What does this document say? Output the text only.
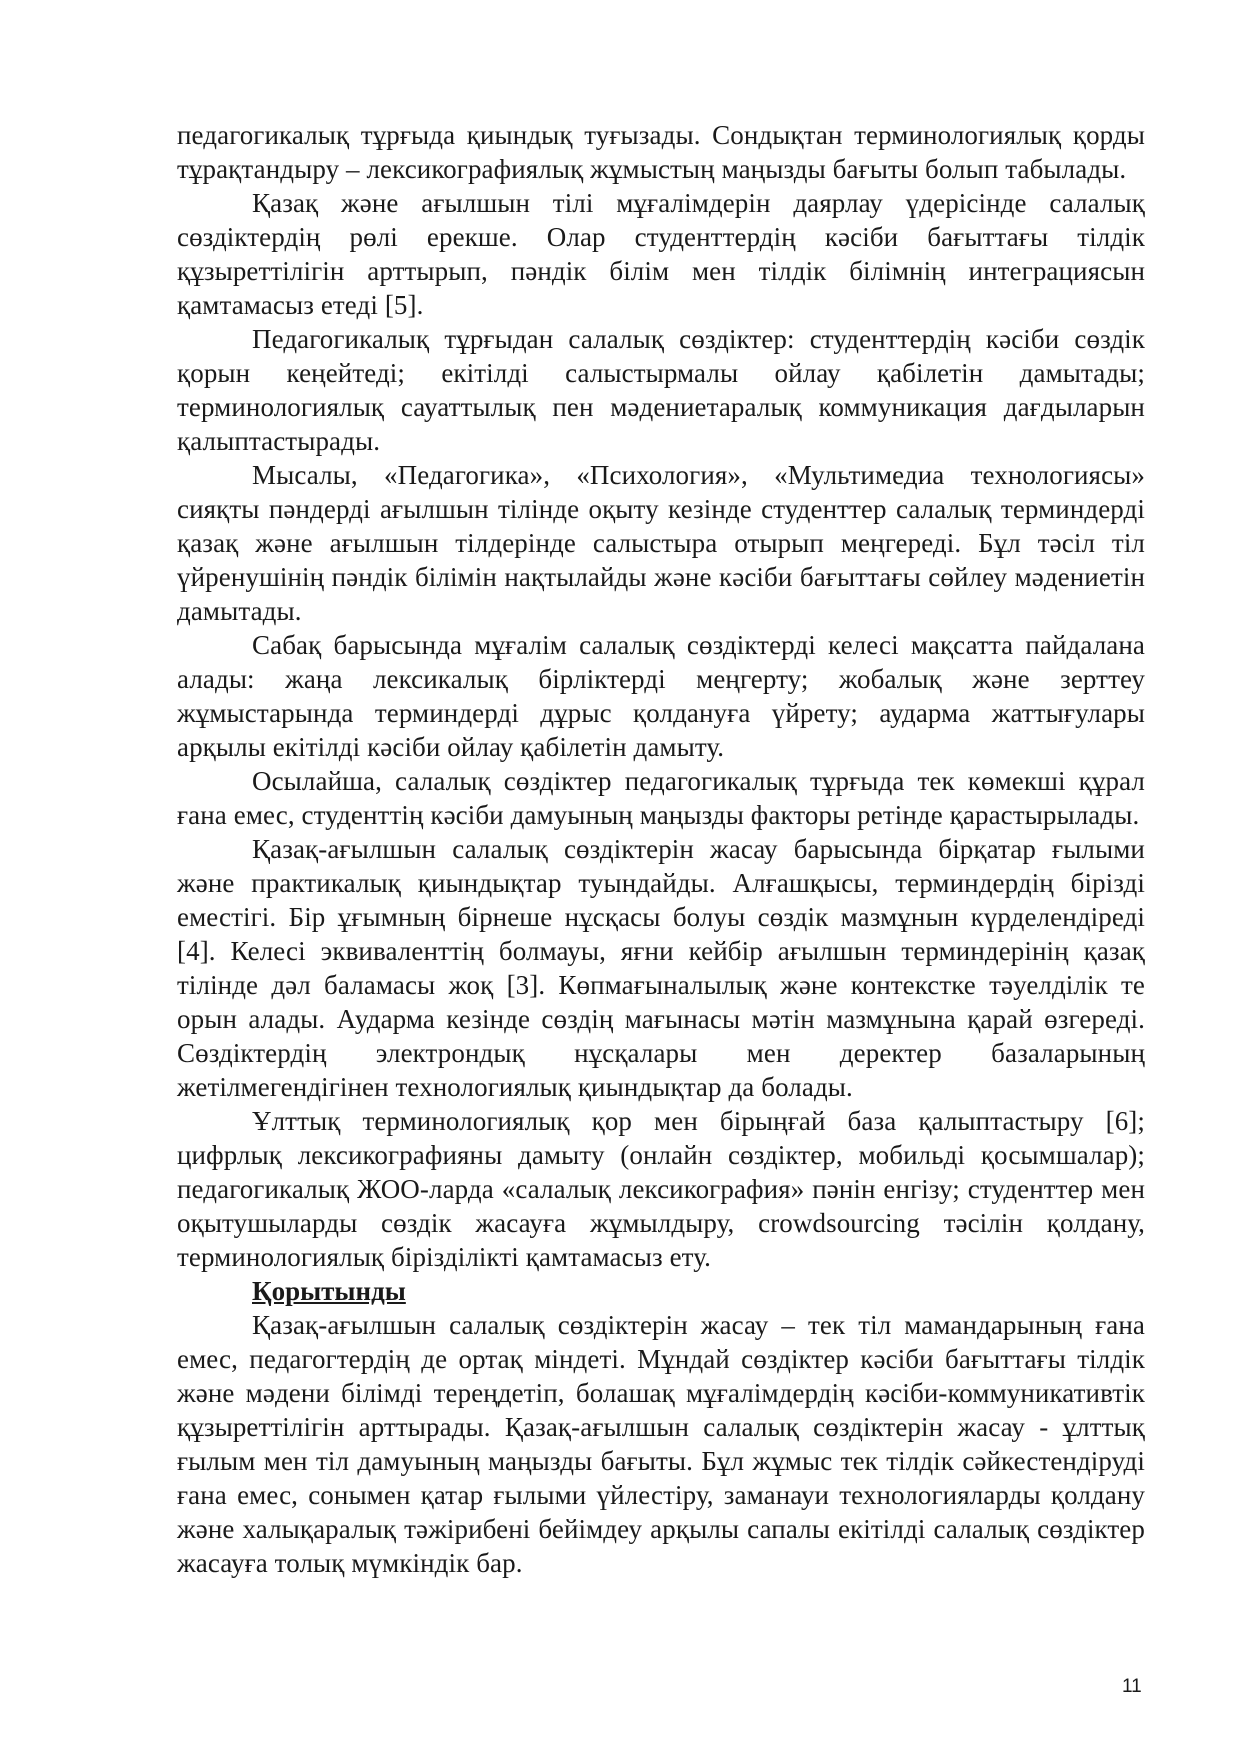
педагогикалық тұрғыда қиындық туғызады. Сондықтан терминологиялық қорды тұрақтандыру – лексикографиялық жұмыстың маңызды бағыты болып табылады.

Қазақ және ағылшын тілі мұғалімдерін даярлау үдерісінде салалық сөздіктердің рөлі ерекше. Олар студенттердің кәсіби бағыттағы тілдік құзыреттілігін арттырып, пәндік білім мен тілдік білімнің интеграциясын қамтамасыз етеді [5].

Педагогикалық тұрғыдан салалық сөздіктер: студенттердің кәсіби сөздік қорын кеңейтеді; екітілді салыстырмалы ойлау қабілетін дамытады; терминологиялық сауаттылық пен мәдениетаралық коммуникация дағдыларын қалыптастырады.

Мысалы, «Педагогика», «Психология», «Мультимедиа технологиясы» сияқты пәндерді ағылшын тілінде оқыту кезінде студенттер салалық терминдерді қазақ және ағылшын тілдерінде салыстыра отырып меңгереді. Бұл тәсіл тіл үйренушінің пәндік білімін нақтылайды және кәсіби бағыттағы сөйлеу мәдениетін дамытады.

Сабақ барысында мұғалім салалық сөздіктерді келесі мақсатта пайдалана алады: жаңа лексикалық бірліктерді меңгерту; жобалық және зерттеу жұмыстарында терминдерді дұрыс қолдануға үйрету; аудармa жаттығулары арқылы екітілді кәсіби ойлау қабілетін дамыту.

Осылайша, салалық сөздіктер педагогикалық тұрғыда тек көмекші құрал ғана емес, студенттің кәсіби дамуының маңызды факторы ретінде қарастырылады.

Қазақ-ағылшын салалық сөздіктерін жасау барысында бірқатар ғылыми және практикалық қиындықтар туындайды. Алғашқысы, терминдердің бірізді еместігі. Бір ұғымның бірнеше нұсқасы болуы сөздік мазмұнын күрделендіреді [4]. Келесі эквиваленттің болмауы, яғни кейбір ағылшын терминдерінің қазақ тілінде дәл баламасы жоқ [3]. Көпмағыналылық және контекстке тәуелділік те орын алады. Аударма кезінде сөздің мағынасы мәтін мазмұнына қарай өзгереді. Сөздіктердің электрондық нұсқалары мен деректер базаларының жетілмегендігінен технологиялық қиындықтар да болады.

Ұлттық терминологиялық қор мен бірыңғай база қалыптастыру [6]; цифрлық лексикографияны дамыту (онлайн сөздіктер, мобильді қосымшалар); педагогикалық ЖОО-ларда «салалық лексикография» пәнін енгізу; студенттер мен оқытушыларды сөздік жасауға жұмылдыру, crowdsourcing тәсілін қолдану, терминологиялық бірізділікті қамтамасыз ету.

Қорытынды

Қазақ-ағылшын салалық сөздіктерін жасау – тек тіл мамандарының ғана емес, педагогтердің де ортақ міндеті. Мұндай сөздіктер кәсіби бағыттағы тілдік және мәдени білімді тереңдетіп, болашақ мұғалімдердің кәсіби-коммуникативтік құзыреттілігін арттырады. Қазақ-ағылшын салалық сөздіктерін жасау - ұлттық ғылым мен тіл дамуының маңызды бағыты. Бұл жұмыс тек тілдік сәйкестендіруді ғана емес, сонымен қатар ғылыми үйлестіру, заманауи технологияларды қолдану және халықаралық тәжірибені бейімдеу арқылы сапалы екітілді салалық сөздіктер жасауға толық мүмкіндік бар.

11
